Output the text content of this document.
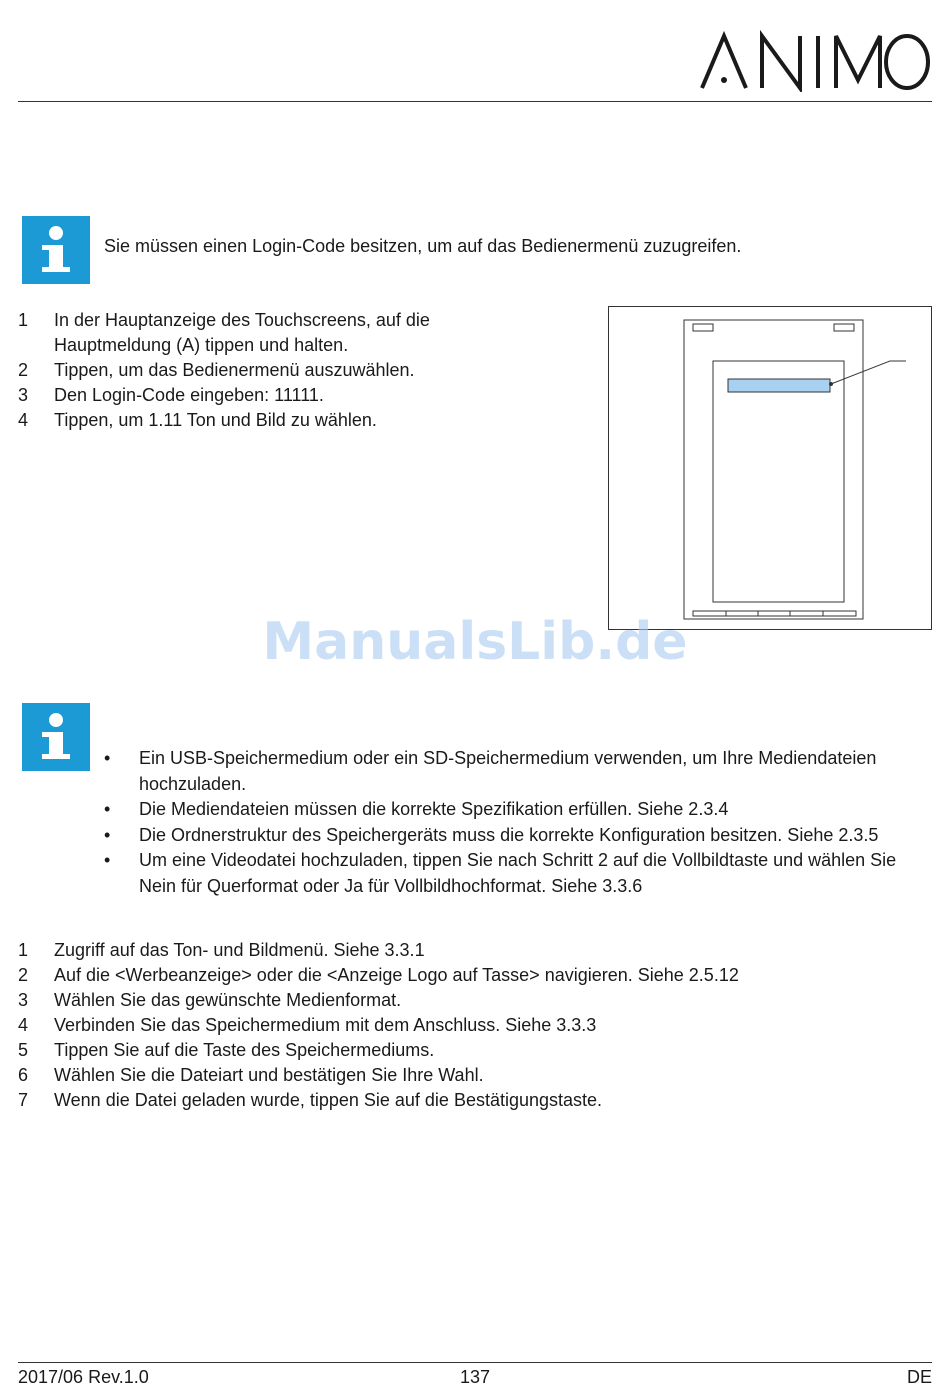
Sie müssen einen Login-Code besitzen, um auf das Bedienermenü zuzugreifen.
1 In der Hauptanzeige des Touchscreens, auf die Hauptmeldung (A) tippen und halten.
2 Tippen, um das Bedienermenü auszuwählen.
3 Den Login-Code eingeben: 11111.
4 Tippen, um 1.11 Ton und Bild zu wählen.
ManualsLib.de
• Ein USB-Speichermedium oder ein SD-Speichermedium verwenden, um Ihre Mediendateien hochzuladen.
• Die Mediendateien müssen die korrekte Spezifikation erfüllen. Siehe 2.3.4
• Die Ordnerstruktur des Speichergeräts muss die korrekte Konfiguration besitzen. Siehe 2.3.5
• Um eine Videodatei hochzuladen, tippen Sie nach Schritt 2 auf die Vollbildtaste und wählen Sie Nein für Querformat oder Ja für Vollbildhochformat. Siehe 3.3.6
1 Zugriff auf das Ton- und Bildmenü. Siehe 3.3.1
2 Auf die <Werbeanzeige> oder die <Anzeige Logo auf Tasse> navigieren. Siehe 2.5.12
3 Wählen Sie das gewünschte Medienformat.
4 Verbinden Sie das Speichermedium mit dem Anschluss. Siehe 3.3.3
5 Tippen Sie auf die Taste des Speichermediums.
6 Wählen Sie die Dateiart und bestätigen Sie Ihre Wahl.
7 Wenn die Datei geladen wurde, tippen Sie auf die Bestätigungstaste.
2017/06 Rev.1.0	137	DE
